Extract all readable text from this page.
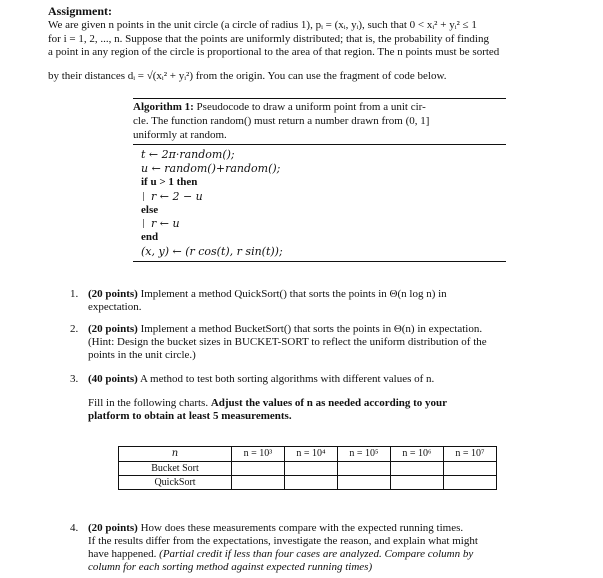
Assignment:
We are given n points in the unit circle (a circle of radius 1), pᵢ = (xᵢ, yᵢ), such that 0 < xᵢ² + yᵢ² ≤ 1
for i = 1, 2, ..., n. Suppose that the points are uniformly distributed; that is, the probability of finding
a point in any region of the circle is proportional to the area of that region. The n points must be sorted
by their distances dᵢ = √(xᵢ² + yᵢ²) from the origin. You can use the fragment of code below.
Algorithm 1: Pseudocode to draw a uniform point from a unit cir-
cle. The function random() must return a number drawn from (0, 1]
uniformly at random.
t ← 2π·random();
u ← random()+random();
if u > 1 then
r ← 2 − u
else
r ← u
end
(x, y) ← (r cos(t), r sin(t));
1. (20 points) Implement a method QuickSort() that sorts the points in Θ(n log n) in
expectation.
2. (20 points) Implement a method BucketSort() that sorts the points in Θ(n) in expectation.
(Hint: Design the bucket sizes in BUCKET-SORT to reflect the uniform distribution of the
points in the unit circle.)
3. (40 points) A method to test both sorting algorithms with different values of n.
Fill in the following charts. Adjust the values of n as needed according to your
platform to obtain at least 5 measurements.
n	n = 10³	n = 10⁴	n = 10⁵	n = 10⁶	n = 10⁷
Bucket Sort					
QuickSort					
4. (20 points) How does these measurements compare with the expected running times.
If the results differ from the expectations, investigate the reason, and explain what might
have happened. (Partial credit if less than four cases are analyzed. Compare column by
column for each sorting method against expected running times)
